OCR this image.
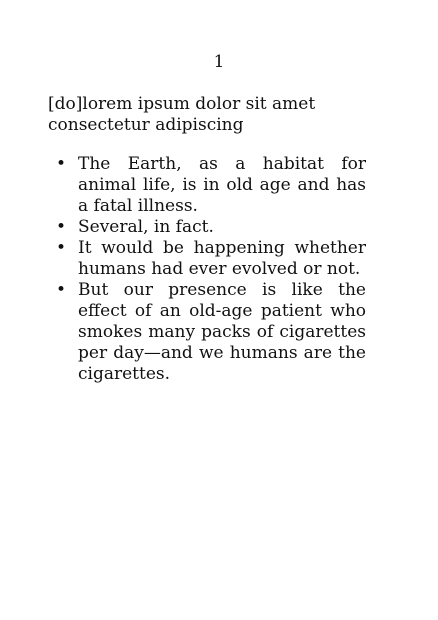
1

[do]lorem ipsum dolor sit amet consectetur adipiscing

• The Earth, as a habitat for animal life, is in old age and has a fatal illness.
• Several, in fact.
• It would be happening whether humans had ever evolved or not.
• But our presence is like the effect of an old-age patient who smokes many packs of cigarettes per day—and we humans are the cigarettes.
